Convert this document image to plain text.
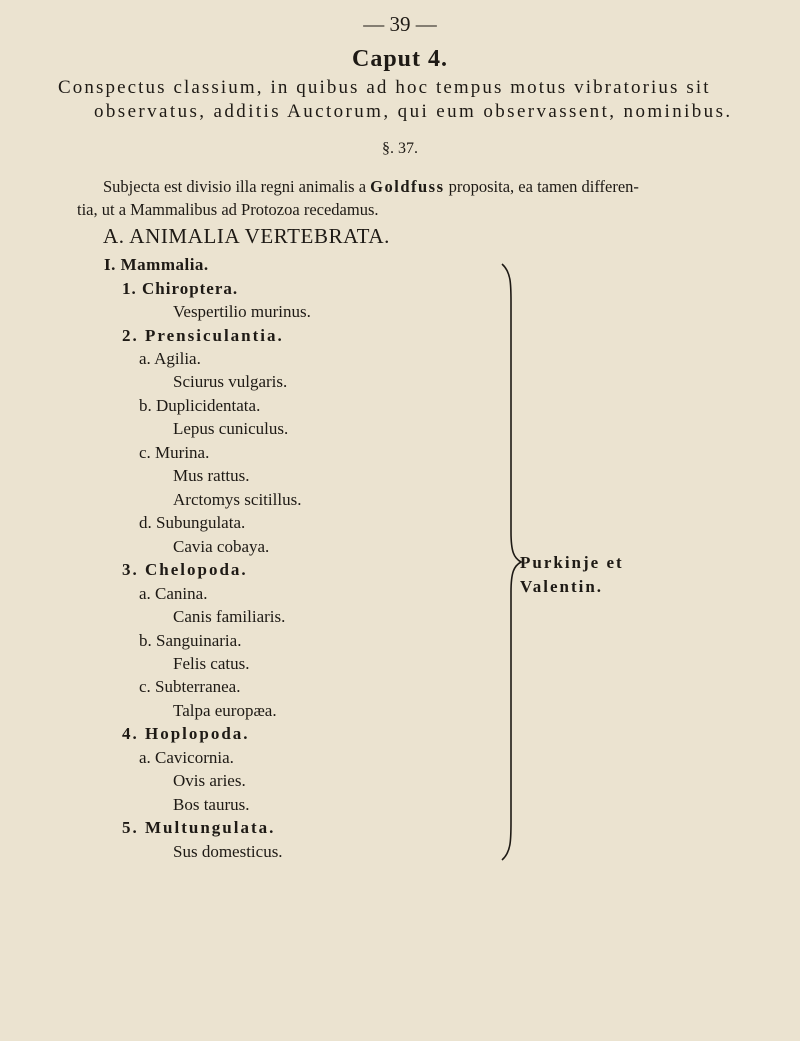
— 39 —
Caput 4.
Conspectus classium, in quibus ad hoc tempus motus vibratorius sit
observatus, additis Auctorum, qui eum observassent, nominibus.
§. 37.
Subjecta est divisio illa regni animalis a Goldfuss proposita, ea tamen differen-
tia, ut a Mammalibus ad Protozoa recedamus.
A. ANIMALIA VERTEBRATA.
I. Mammalia.
1. Chiroptera.
Vespertilio murinus.
2. Prensiculantia.
a. Agilia.
Sciurus vulgaris.
b. Duplicidentata.
Lepus cuniculus.
c. Murina.
Mus rattus.
Arctomys scitillus.
d. Subungulata.
Cavia cobaya.
3. Chelopoda.
a. Canina.
Canis familiaris.
b. Sanguinaria.
Felis catus.
c. Subterranea.
Talpa europæa.
4. Hoplopoda.
a. Cavicornia.
Ovis aries.
Bos taurus.
5. Multungulata.
Sus domesticus.
Purkinje et
Valentin.
